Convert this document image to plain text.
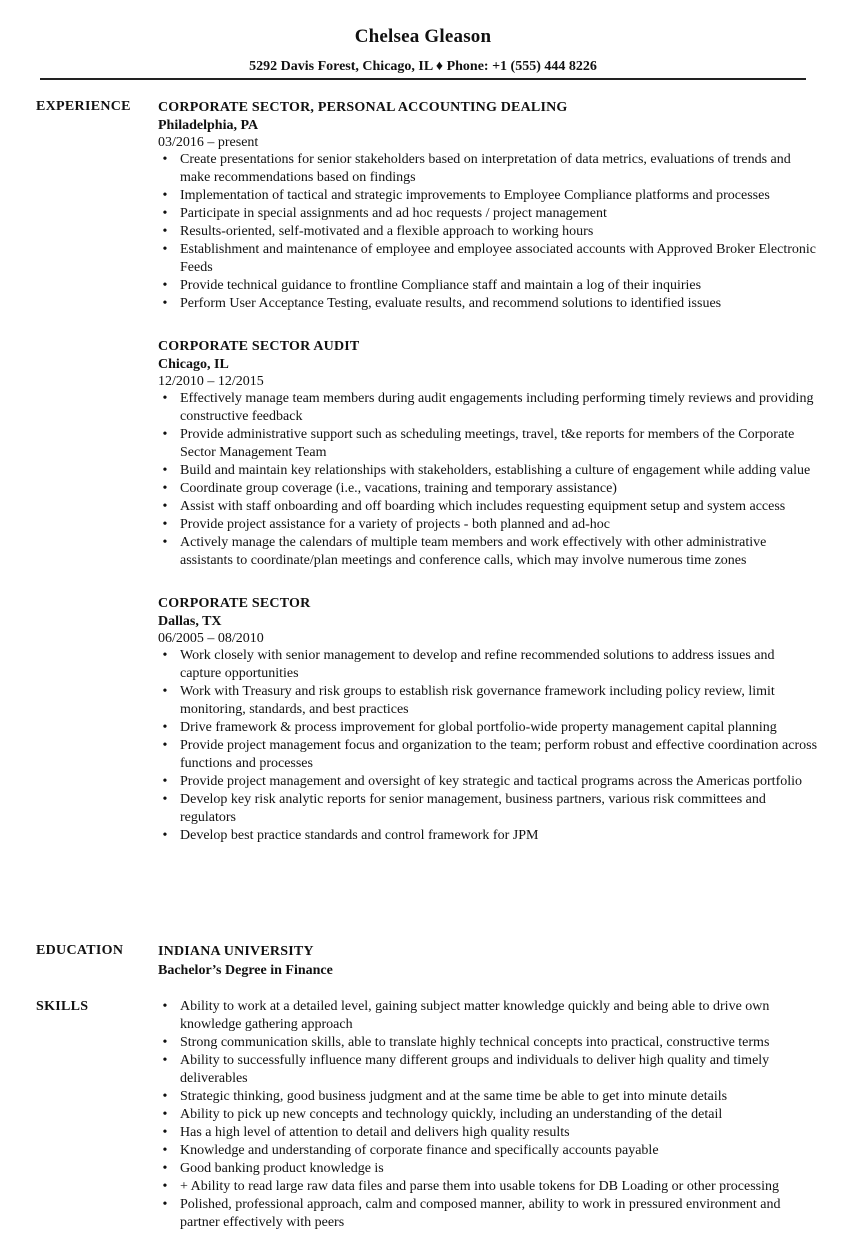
Chelsea Gleason
5292 Davis Forest, Chicago, IL ♦ Phone: +1 (555) 444 8226
EXPERIENCE CORPORATE SECTOR, PERSONAL ACCOUNTING DEALING
Philadelphia, PA
03/2016 – present
• Create presentations for senior stakeholders based on interpretation of data metrics, evaluations of trends and make recommendations based on findings
• Implementation of tactical and strategic improvements to Employee Compliance platforms and processes
• Participate in special assignments and ad hoc requests / project management
• Results-oriented, self-motivated and a flexible approach to working hours
• Establishment and maintenance of employee and employee associated accounts with Approved Broker Electronic Feeds
• Provide technical guidance to frontline Compliance staff and maintain a log of their inquiries
• Perform User Acceptance Testing, evaluate results, and recommend solutions to identified issues
CORPORATE SECTOR AUDIT
Chicago, IL
12/2010 – 12/2015
• Effectively manage team members during audit engagements including performing timely reviews and providing constructive feedback
• Provide administrative support such as scheduling meetings, travel, t&e reports for members of the Corporate Sector Management Team
• Build and maintain key relationships with stakeholders, establishing a culture of engagement while adding value
• Coordinate group coverage (i.e., vacations, training and temporary assistance)
• Assist with staff onboarding and off boarding which includes requesting equipment setup and system access
• Provide project assistance for a variety of projects - both planned and ad-hoc
• Actively manage the calendars of multiple team members and work effectively with other administrative assistants to coordinate/plan meetings and conference calls, which may involve numerous time zones
CORPORATE SECTOR
Dallas, TX
06/2005 – 08/2010
• Work closely with senior management to develop and refine recommended solutions to address issues and capture opportunities
• Work with Treasury and risk groups to establish risk governance framework including policy review, limit monitoring, standards, and best practices
• Drive framework & process improvement for global portfolio-wide property management capital planning
• Provide project management focus and organization to the team; perform robust and effective coordination across functions and processes
• Provide project management and oversight of key strategic and tactical programs across the Americas portfolio
• Develop key risk analytic reports for senior management, business partners, various risk committees and regulators
• Develop best practice standards and control framework for JPM
EDUCATION INDIANA UNIVERSITY
Bachelor’s Degree in Finance
SKILLS	• Ability to work at a detailed level, gaining subject matter knowledge quickly and being able to drive own knowledge gathering approach
• Strong communication skills, able to translate highly technical concepts into practical, constructive terms
• Ability to successfully influence many different groups and individuals to deliver high quality and timely deliverables
• Strategic thinking, good business judgment and at the same time be able to get into minute details
• Ability to pick up new concepts and technology quickly, including an understanding of the detail
• Has a high level of attention to detail and delivers high quality results
• Knowledge and understanding of corporate finance and specifically accounts payable
• Good banking product knowledge is
• + Ability to read large raw data files and parse them into usable tokens for DB Loading or other processing
• Polished, professional approach, calm and composed manner, ability to work in pressured environment and partner effectively with peers
